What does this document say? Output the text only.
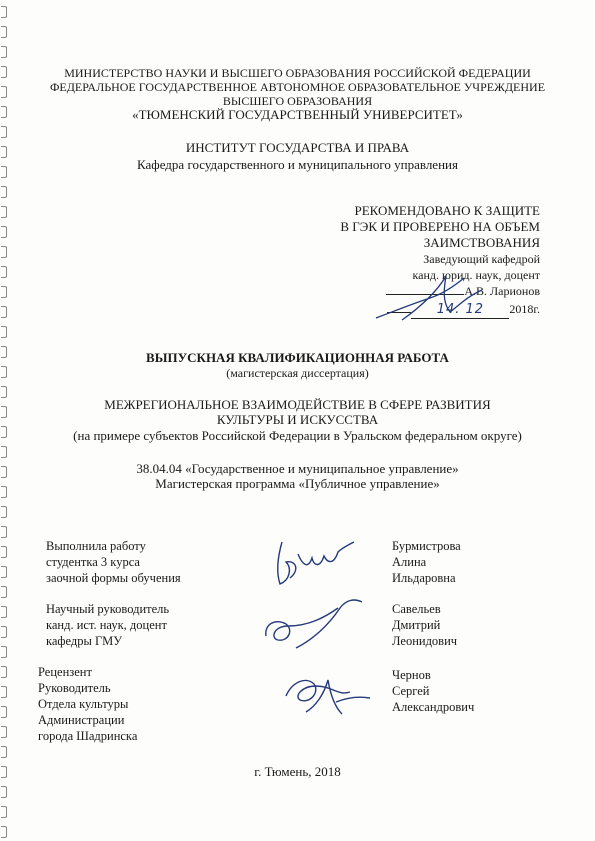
МИНИСТЕРСТВО НАУКИ И ВЫСШЕГО ОБРАЗОВАНИЯ РОССИЙСКОЙ ФЕДЕРАЦИИ
ФЕДЕРАЛЬНОЕ ГОСУДАРСТВЕННОЕ АВТОНОМНОЕ ОБРАЗОВАТЕЛЬНОЕ УЧРЕЖДЕНИЕ
ВЫСШЕГО ОБРАЗОВАНИЯ
«ТЮМЕНСКИЙ ГОСУДАРСТВЕННЫЙ УНИВЕРСИТЕТ»
ИНСТИТУТ ГОСУДАРСТВА И ПРАВА
Кафедра государственного и муниципального управления
РЕКОМЕНДОВАНО К ЗАЩИТЕ
В ГЭК И ПРОВЕРЕНО НА ОБЪЕМ
ЗАИМСТВОВАНИЯ
Заведующий кафедрой
канд. юрид. наук, доцент
А.В. Ларионов
14. 12 2018г.
ВЫПУСКНАЯ КВАЛИФИКАЦИОННАЯ РАБОТА
(магистерская диссертация)
МЕЖРЕГИОНАЛЬНОЕ ВЗАИМОДЕЙСТВИЕ В СФЕРЕ РАЗВИТИЯ
КУЛЬТУРЫ И ИСКУССТВА
(на примере субъектов Российской Федерации в Уральском федеральном округе)
38.04.04 «Государственное и муниципальное управление»
Магистерская программа «Публичное управление»
Выполнила работу
студентка 3 курса
заочной формы обучения
Бурмистрова
Алина
Ильдаровна
Научный руководитель
канд. ист. наук, доцент
кафедры ГМУ
Савельев
Дмитрий
Леонидович
Рецензент
Руководитель
Отдела культуры
Администрации
города Шадринска
Чернов
Сергей
Александрович
г. Тюмень, 2018
